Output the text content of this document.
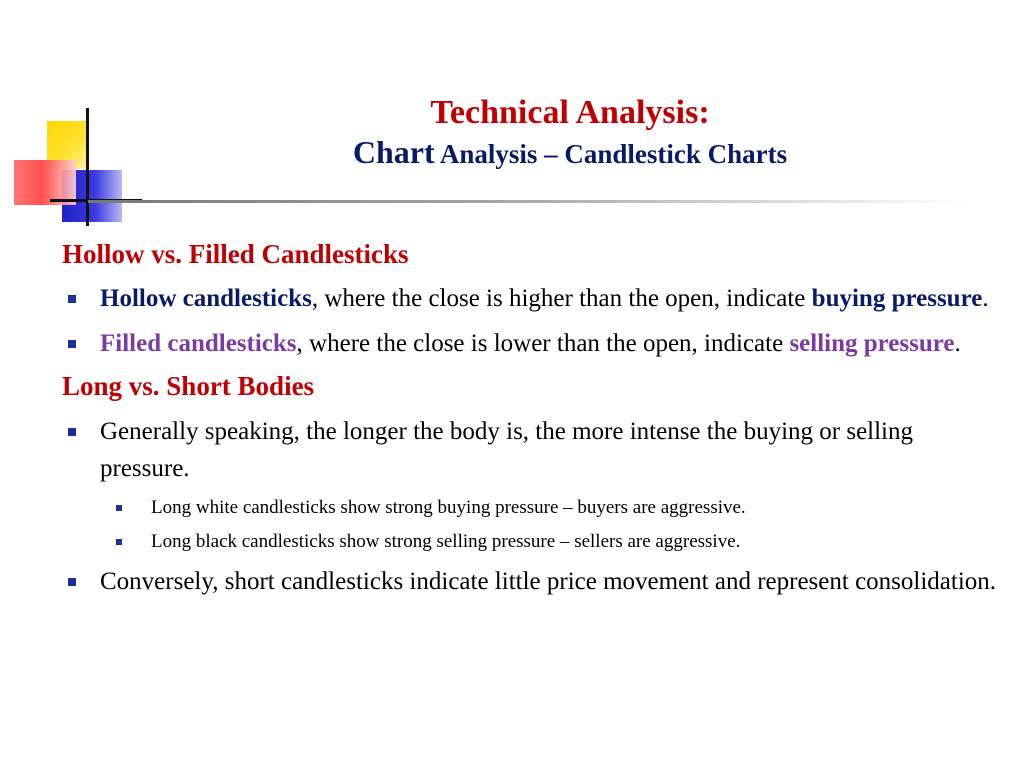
Technical Analysis:
Chart Analysis – Candlestick Charts
Hollow vs. Filled Candlesticks
Hollow candlesticks, where the close is higher than the open, indicate buying pressure.
Filled candlesticks, where the close is lower than the open, indicate selling pressure.
Long vs. Short Bodies
Generally speaking, the longer the body is, the more intense the buying or selling pressure.
Long white candlesticks show strong buying pressure – buyers are aggressive.
Long black candlesticks show strong selling pressure – sellers are aggressive.
Conversely, short candlesticks indicate little price movement and represent consolidation.
